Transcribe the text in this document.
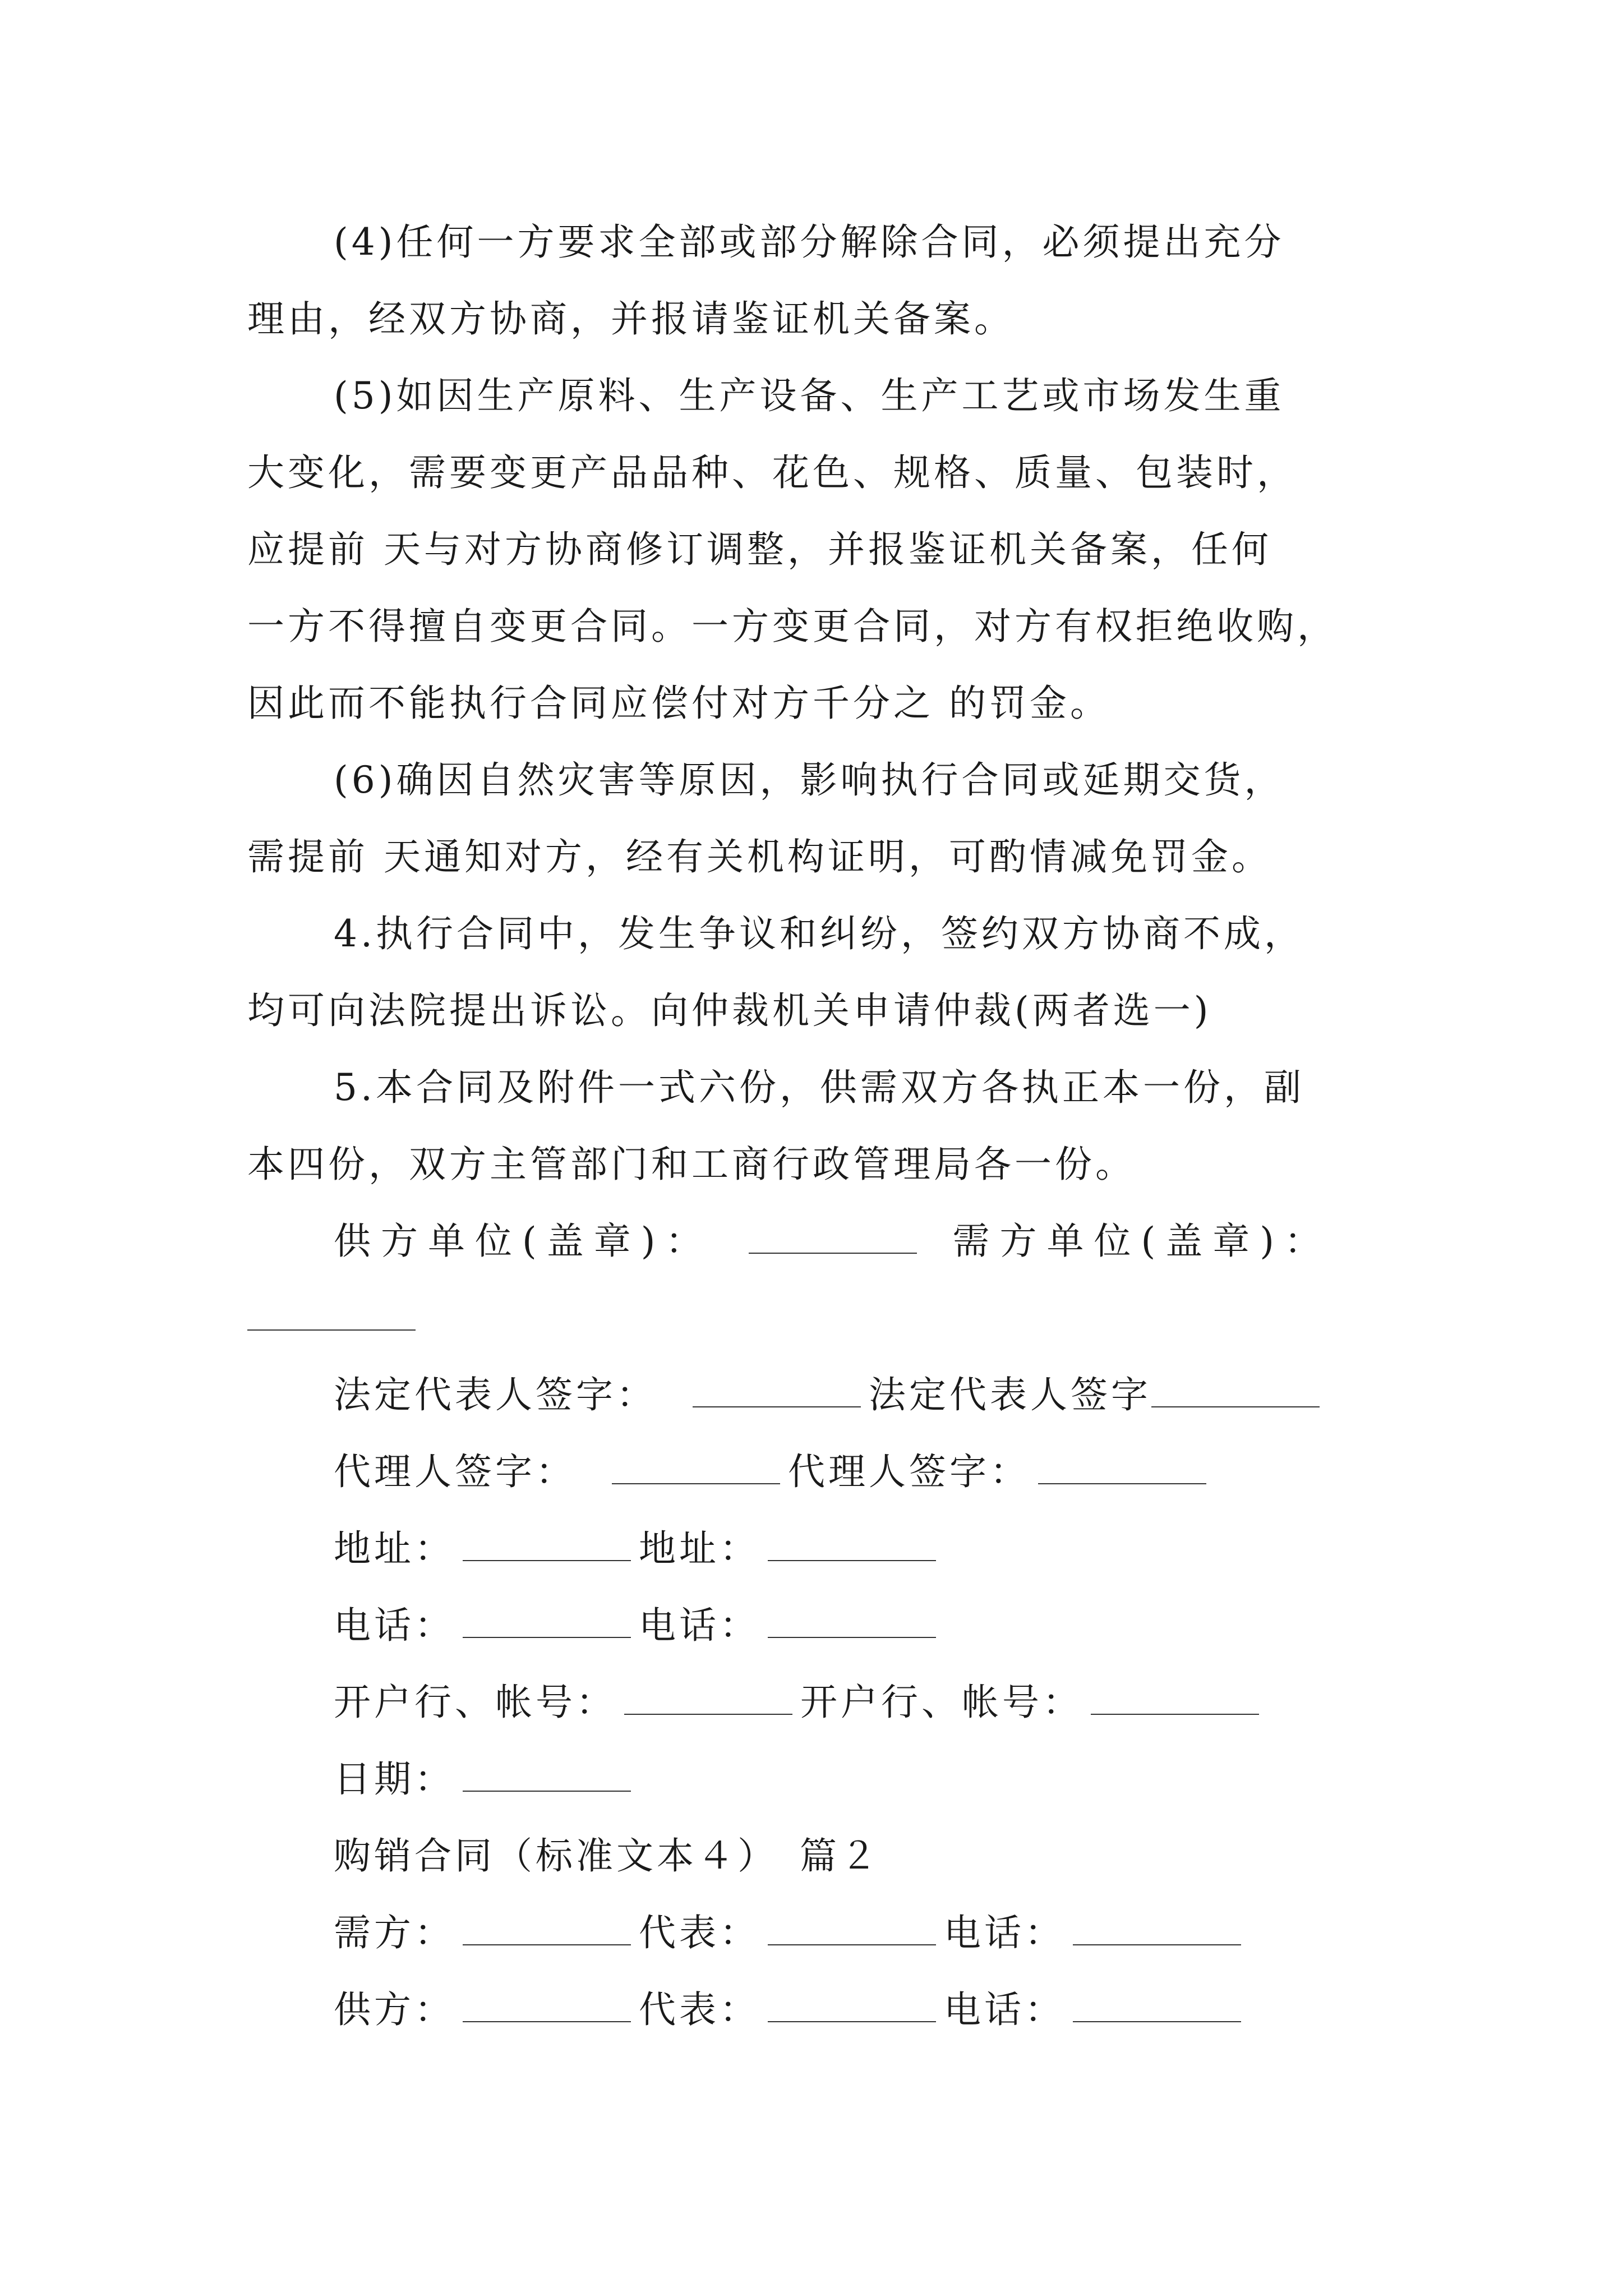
(4)任何一方要求全部或部分解除合同，必须提出充分
理由，经双方协商，并报请鉴证机关备案。
(5)如因生产原料、生产设备、生产工艺或市场发生重
大变化，需要变更产品品种、花色、规格、质量、包装时，
应提前 天与对方协商修订调整，并报鉴证机关备案，任何
一方不得擅自变更合同。一方变更合同，对方有权拒绝收购，
因此而不能执行合同应偿付对方千分之 的罚金。
(6)确因自然灾害等原因，影响执行合同或延期交货，
需提前 天通知对方，经有关机构证明，可酌情减免罚金。
4.执行合同中，发生争议和纠纷，签约双方协商不成，
均可向法院提出诉讼。向仲裁机关申请仲裁(两者选一)
5.本合同及附件一式六份，供需双方各执正本一份，副
本四份，双方主管部门和工商行政管理局各一份。
供方单位(盖章)：	需方单位(盖章)：
法定代表人签字：	法定代表人签字
代理人签字：	代理人签字：
地址：	地址：
电话：	电话：
开户行、帐号：	开户行、帐号：
日期：
购销合同（标准文本４）　篇２
需方：	代表：	电话：
供方：	代表：	电话：
